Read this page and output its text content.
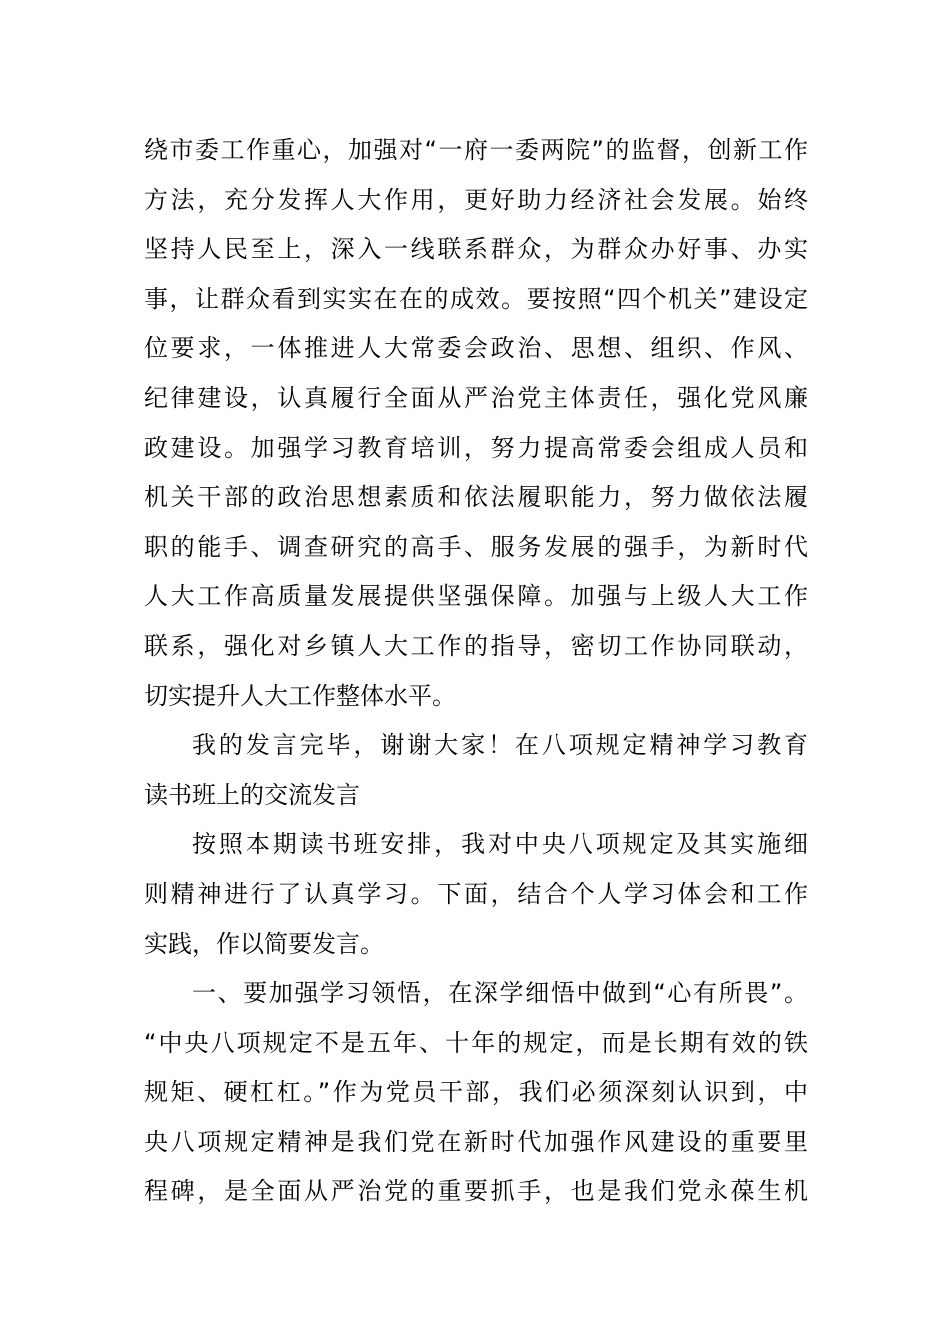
绕市委工作重心，加强对“一府一委两院”的监督，创新工作
方法，充分发挥人大作用，更好助力经济社会发展。始终
坚持人民至上，深入一线联系群众，为群众办好事、办实
事，让群众看到实实在在的成效。要按照“四个机关”建设定
位要求，一体推进人大常委会政治、思想、组织、作风、
纪律建设，认真履行全面从严治党主体责任，强化党风廉
政建设。加强学习教育培训，努力提高常委会组成人员和
机关干部的政治思想素质和依法履职能力，努力做依法履
职的能手、调查研究的高手、服务发展的强手，为新时代
人大工作高质量发展提供坚强保障。加强与上级人大工作
联系，强化对乡镇人大工作的指导，密切工作协同联动，
切实提升人大工作整体水平。
我的发言完毕，谢谢大家！在八项规定精神学习教育
读书班上的交流发言
按照本期读书班安排，我对中央八项规定及其实施细
则精神进行了认真学习。下面，结合个人学习体会和工作
实践，作以简要发言。
一、要加强学习领悟，在深学细悟中做到“心有所畏”。
“中央八项规定不是五年、十年的规定，而是长期有效的铁
规矩、硬杠杠。”作为党员干部，我们必须深刻认识到，中
央八项规定精神是我们党在新时代加强作风建设的重要里
程碑，是全面从严治党的重要抓手，也是我们党永葆生机
